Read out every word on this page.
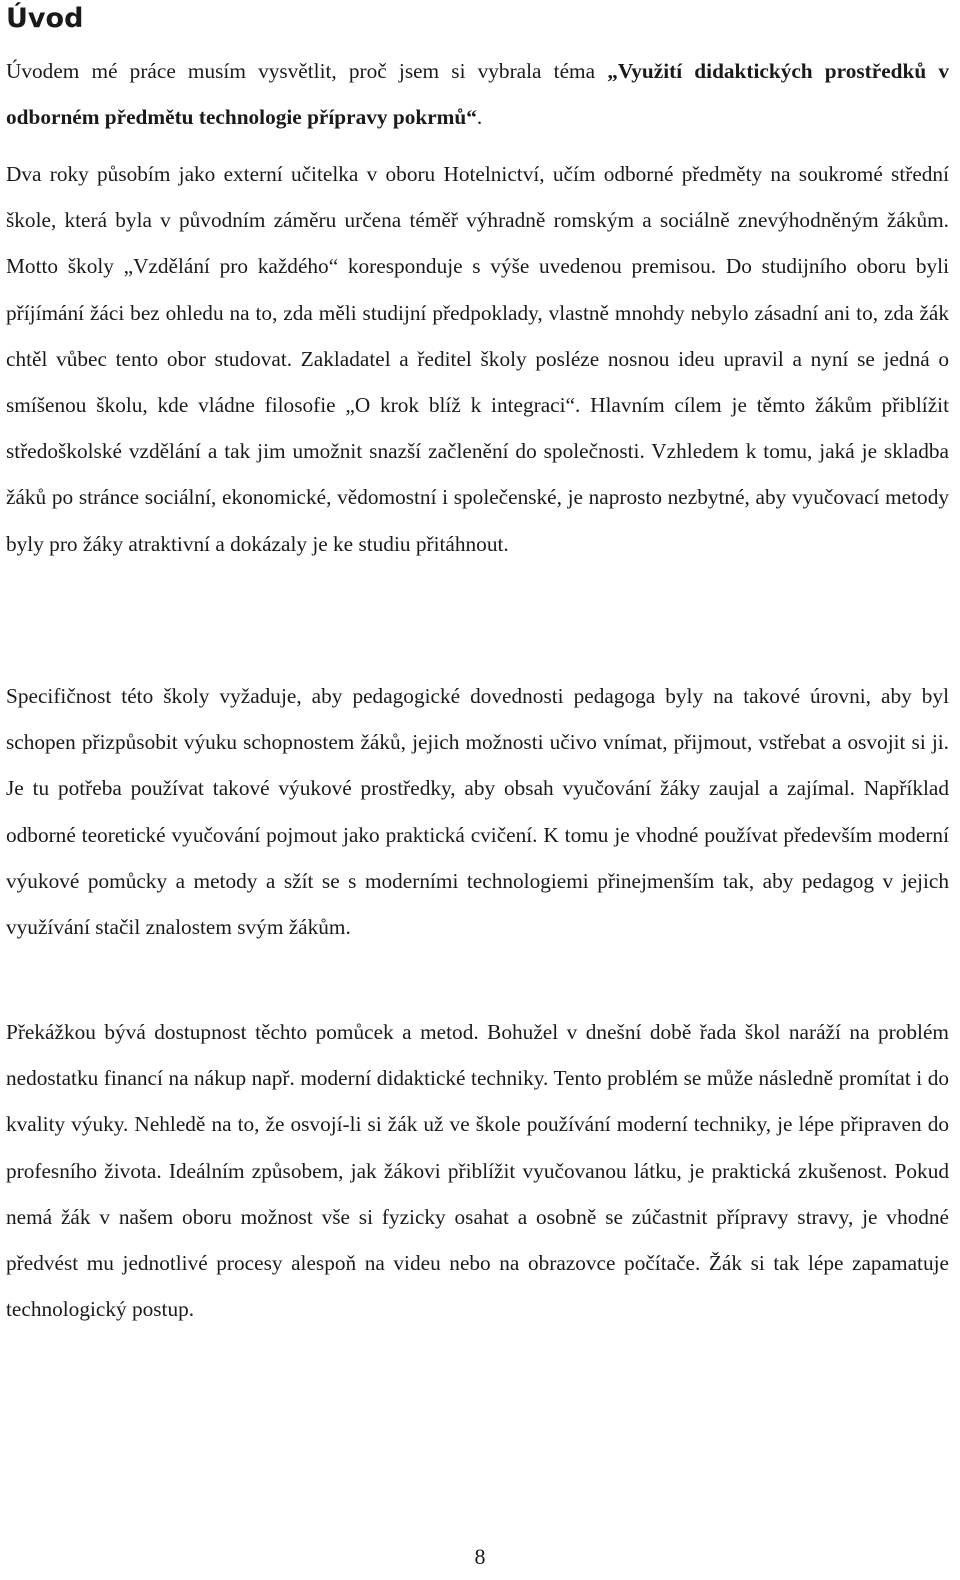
Úvod

Úvodem mé práce musím vysvětlit, proč jsem si vybrala téma „Využití didaktických prostředků v odborném předmětu technologie přípravy pokrmů“.

Dva roky působím jako externí učitelka v oboru Hotelnictví, učím odborné předměty na soukromé střední škole, která byla v původním záměru určena téměř výhradně romským a sociálně znevýhodněným žákům. Motto školy „Vzdělání pro každého“ koresponduje s výše uvedenou premisou. Do studijního oboru byli příjímání žáci bez ohledu na to, zda měli studijní předpoklady, vlastně mnohdy nebylo zásadní ani to, zda žák chtěl vůbec tento obor studovat. Zakladatel a ředitel školy posléze nosnou ideu upravil a nyní se jedná o smíšenou školu, kde vládne filosofie „O krok blíž k integraci“. Hlavním cílem je těmto žákům přiblížit středoškolské vzdělání a tak jim umožnit snazší začlenění do společnosti. Vzhledem k tomu, jaká je skladba žáků po stránce sociální, ekonomické, vědomostní i společenské, je naprosto nezbytné, aby vyučovací metody byly pro žáky atraktivní a dokázaly je ke studiu přitáhnout.

Specifičnost této školy vyžaduje, aby pedagogické dovednosti pedagoga byly na takové úrovni, aby byl schopen přizpůsobit výuku schopnostem žáků, jejich možnosti učivo vnímat, přijmout, vstřebat a osvojit si ji. Je tu potřeba používat takové výukové prostředky, aby obsah vyučování žáky zaujal a zajímal. Například odborné teoretické vyučování pojmout jako praktická cvičení. K tomu je vhodné používat především moderní výukové pomůcky a metody a sžít se s moderními technologiemi přinejmenším tak, aby pedagog v jejich využívání stačil znalostem svým žákům.

Překážkou bývá dostupnost těchto pomůcek a metod. Bohužel v dnešní době řada škol naráží na problém nedostatku financí na nákup např. moderní didaktické techniky. Tento problém se může následně promítat i do kvality výuky. Nehledě na to, že osvojí-li si žák už ve škole používání moderní techniky, je lépe připraven do profesního života. Ideálním způsobem, jak žákovi přiblížit vyučovanou látku, je praktická zkušenost. Pokud nemá žák v našem oboru možnost vše si fyzicky osahat a osobně se zúčastnit přípravy stravy, je vhodné předvést mu jednotlivé procesy alespoň na videu nebo na obrazovce počítače. Žák si tak lépe zapamatuje technologický postup.

8
